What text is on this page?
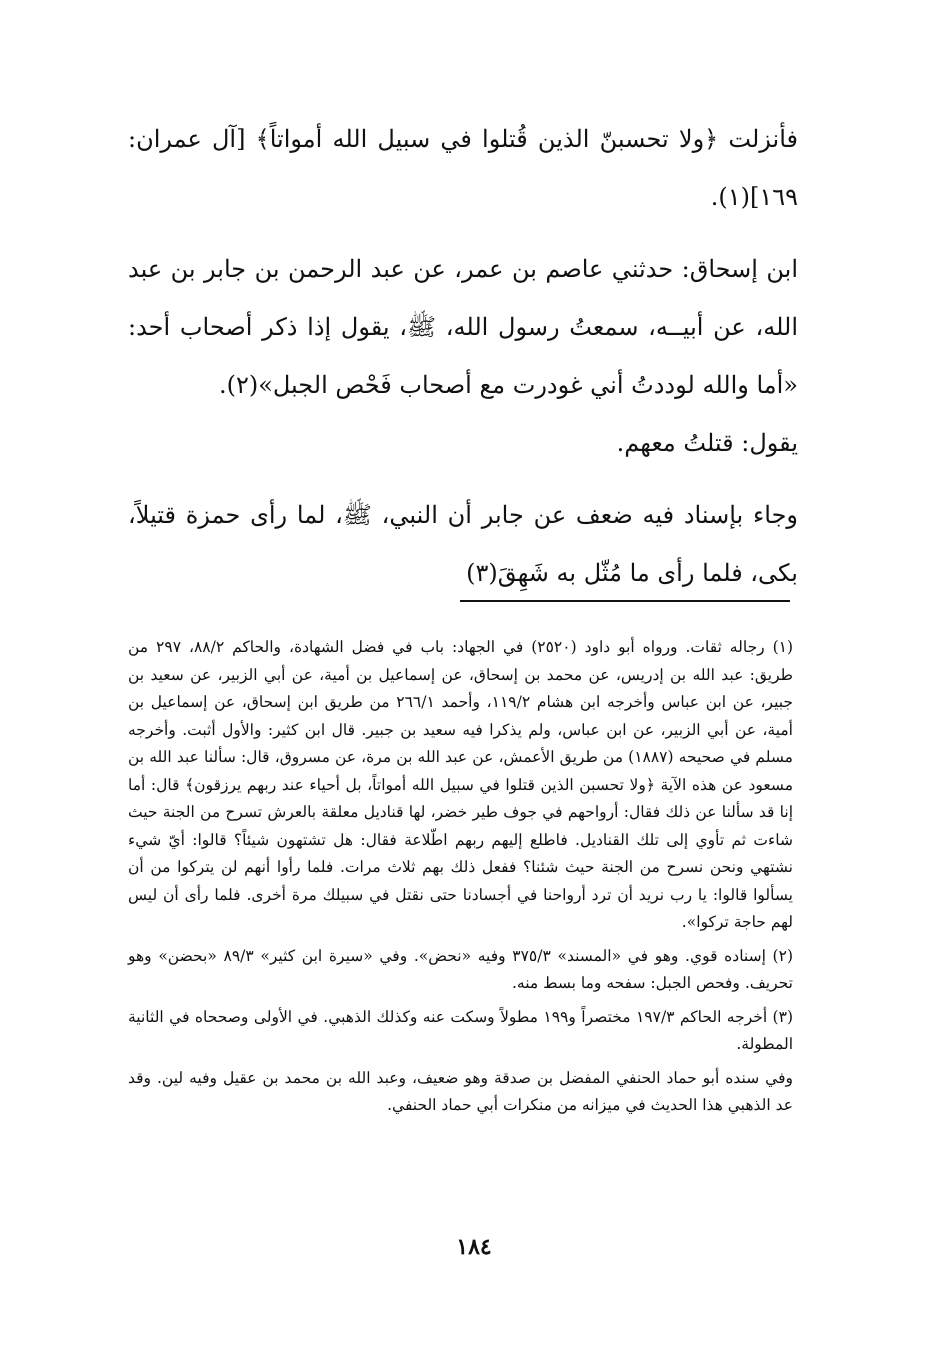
فأنزلت ﴿ولا تحسبنّ الذين قُتلوا في سبيل الله أمواتاً﴾ [آل عمران: ١٦٩](١).

ابن إسحاق: حدثني عاصم بن عمر، عن عبد الرحمن بن جابر بن عبد الله، عن أبيــه، سمعتُ رسول الله، ﷺ، يقول إذا ذكر أصحاب أحد: «أما والله لوددتُ أني غودرت مع أصحاب فَحْص الجبل»(٢).

يقول: قتلتُ معهم.

وجاء بإسناد فيه ضعف عن جابر أن النبي، ﷺ، لما رأى حمزة قتيلاً، بكى، فلما رأى ما مُثّل به شَهِقَ(٣)

(١) رجاله ثقات. ورواه أبو داود (٢٥٢٠) في الجهاد: باب في فضل الشهادة، والحاكم ٨٨/٢، ٢٩٧ من طريق: عبد الله بن إدريس، عن محمد بن إسحاق، عن إسماعيل بن أمية، عن أبي الزبير، عن سعيد بن جبير، عن ابن عباس وأخرجه ابن هشام ١١٩/٢، وأحمد ٢٦٦/١ من طريق ابن إسحاق، عن إسماعيل بن أمية، عن أبي الزبير، عن ابن عباس، ولم يذكرا فيه سعيد بن جبير. قال ابن كثير: والأول أثبت. وأخرجه مسلم في صحيحه (١٨٨٧) من طريق الأعمش، عن عبد الله بن مرة، عن مسروق، قال: سألنا عبد الله بن مسعود عن هذه الآية ﴿ولا تحسبن الذين قتلوا في سبيل الله أمواتاً، بل أحياء عند ربهم يرزقون﴾ قال: أما إنا قد سألنا عن ذلك فقال: أرواحهم في جوف طير خضر، لها قناديل معلقة بالعرش تسرح من الجنة حيث شاءت ثم تأوي إلى تلك القناديل. فاطلع إليهم ربهم اطّلاعة فقال: هل تشتهون شيئاً؟ قالوا: أيّ شيء نشتهي ونحن نسرح من الجنة حيث شئنا؟ ففعل ذلك بهم ثلاث مرات. فلما رأوا أنهم لن يتركوا من أن يسألوا قالوا: يا رب نريد أن ترد أرواحنا في أجسادنا حتى نقتل في سبيلك مرة أخرى. فلما رأى أن ليس لهم حاجة تركوا».

(٢) إسناده قوي. وهو في «المسند» ٣٧٥/٣ وفيه «نحض». وفي «سيرة ابن كثير» ٨٩/٣ «بحضن» وهو تحريف. وفحص الجبل: سفحه وما بسط منه.

(٣) أخرجه الحاكم ١٩٧/٣ مختصراً و١٩٩ مطولاً وسكت عنه وكذلك الذهبي. في الأولى وصححاه في الثانية المطولة.

وفي سنده أبو حماد الحنفي المفضل بن صدقة وهو ضعيف، وعبد الله بن محمد بن عقيل وفيه لين. وقد عد الذهبي هذا الحديث في ميزانه من منكرات أبي حماد الحنفي.

١٨٤
